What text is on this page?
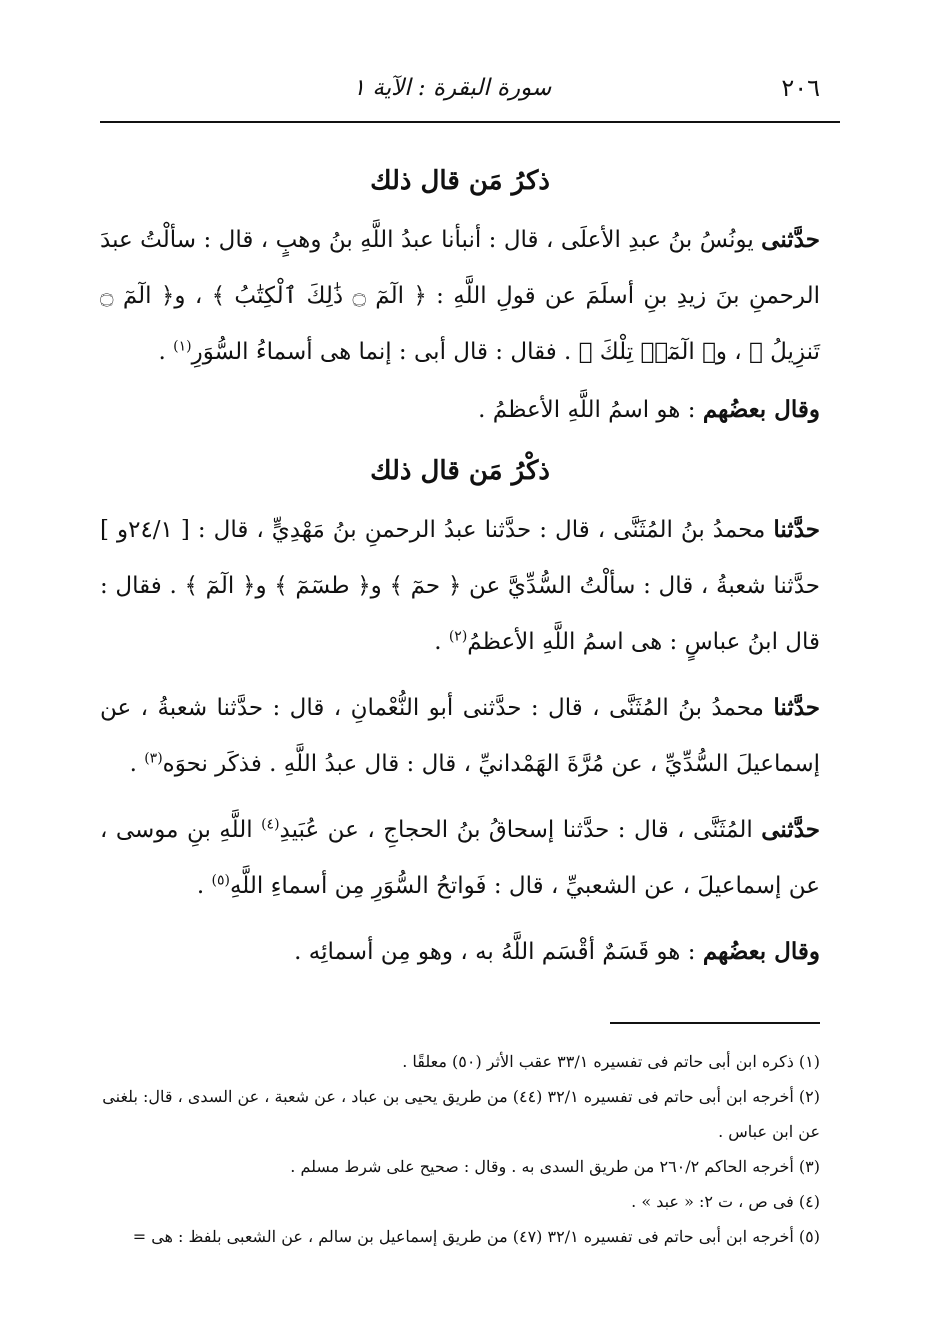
٢٠٦
سورة البقرة : الآية ١
ذكرُ مَن قال ذلك

حدَّثنى يونُسُ بنُ عبدِ الأعلَى ، قال : أنبأنا عبدُ اللَّهِ بنُ وهبٍ ، قال : سألْتُ عبدَ الرحمنِ بنَ زيدِ بنِ أسلَمَ عن قولِ اللَّهِ : ﴿ الٓمٓ ۝ ذَٰلِكَ ٱلْكِتَٰبُ ﴾ ، و﴿ الٓمٓ ۝ تَنزِيلُ ﴾ ، و﴿ الٓمٓرۚ تِلْكَ ﴾ . فقال : قال أبى : إنما هى أسماءُ السُّوَرِ$^{(١)}$ .

وقال بعضُهم : هو اسمُ اللَّهِ الأعظمُ .

ذكْرُ مَن قال ذلك

حدَّثنا محمدُ بنُ المُثَنَّى ، قال : حدَّثنا عبدُ الرحمنِ بنُ مَهْدِيٍّ ، قال : [ ٢٤/١و ] حدَّثنا شعبةُ ، قال : سألْتُ السُّدِّيَّ عن ﴿ حمٓ ﴾ و﴿ طسٓمٓ ﴾ و﴿ الٓمٓ ﴾ . فقال : قال ابنُ عباسٍ : هى اسمُ اللَّهِ الأعظمُ$^{(٢)}$ .

حدَّثنا محمدُ بنُ المُثَنَّى ، قال : حدَّثنى أبو النُّعْمانِ ، قال : حدَّثنا شعبةُ ، عن إسماعيلَ السُّدِّيِّ ، عن مُرَّةَ الهَمْدانيِّ ، قال : قال عبدُ اللَّهِ . فذكَر نحوَه$^{(٣)}$ .

حدَّثنى المُثَنَّى ، قال : حدَّثنا إسحاقُ بنُ الحجاجِ ، عن عُبَيدِ$^{(٤)}$ اللَّهِ بنِ موسى ، عن إسماعيلَ ، عن الشعبيِّ ، قال : فَواتحُ السُّوَرِ مِن أسماءِ اللَّهِ$^{(٥)}$ .

وقال بعضُهم : هو قَسَمٌ أقْسَم اللَّهُ به ، وهو مِن أسمائِه .

(١) ذكره ابن أبى حاتم فى تفسيره ٣٣/١ عقب الأثر (٥٠) معلقًا .

(٢) أخرجه ابن أبى حاتم فى تفسيره ٣٢/١ (٤٤) من طريق يحيى بن عباد ، عن شعبة ، عن السدى ، قال: بلغنى عن ابن عباس .

(٣) أخرجه الحاكم ٢٦٠/٢ من طريق السدى به . وقال : صحيح على شرط مسلم .

(٤) فى ص ، ت ٢: « عبد » .

(٥) أخرجه ابن أبى حاتم فى تفسيره ٣٢/١ (٤٧) من طريق إسماعيل بن سالم ، عن الشعبى بلفظ : هى =
